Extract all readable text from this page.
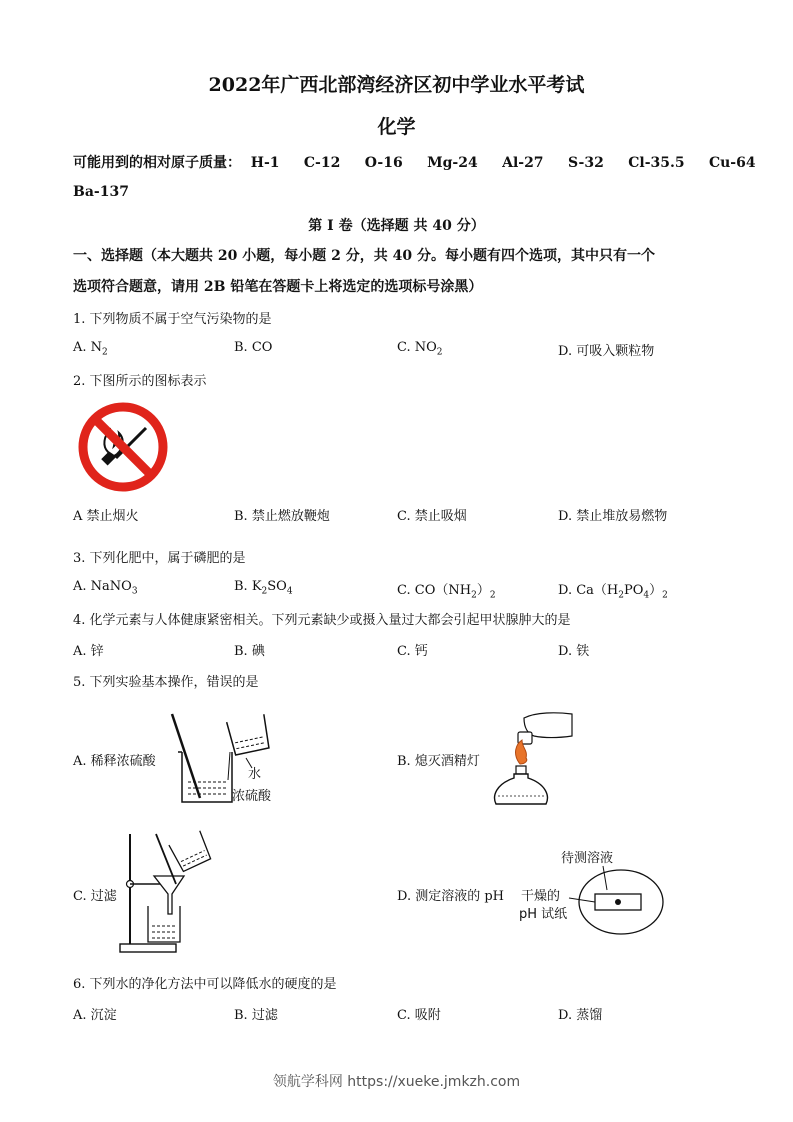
2022年广西北部湾经济区初中学业水平考试
化学
可能用到的相对原子质量： H-1 C-12 O-16 Mg-24 Al-27 S-32 Cl-35.5 Cu-64
Ba-137
第 I 卷（选择题 共 40 分）
一、选择题（本大题共 20 小题，每小题 2 分，共 40 分。每小题有四个选项，其中只有一个
选项符合题意，请用 2B 铅笔在答题卡上将选定的选项标号涂黑）
1. 下列物质不属于空气污染物的是
A. $N_2$	B. CO	C. $NO_2$	D. 可吸入颗粒物
2. 下图所示的图标表示
A 禁止烟火	B. 禁止燃放鞭炮	C. 禁止吸烟	D. 禁止堆放易燃物
3. 下列化肥中，属于磷肥的是
A. NaNO$_3$	B. $K_2SO_4$	C. $CO(NH_2)_2$	D. $Ca(H_2PO_4)_2$
4. 化学元素与人体健康紧密相关。下列元素缺少或摄入量过大都会引起甲状腺肿大的是
A. 锌	B. 碘	C. 钙	D. 铁
5. 下列实验基本操作，错误的是
A. 稀释浓硫酸
水
浓硫酸
B. 熄灭酒精灯
C. 过滤	D. 测定溶液的 pH
待测溶液
干燥的
pH 试纸
6. 下列水的净化方法中可以降低水的硬度的是
A. 沉淀	B. 过滤	C. 吸附	D. 蒸馏
领航学科网 https://xueke.jmkzh.com
